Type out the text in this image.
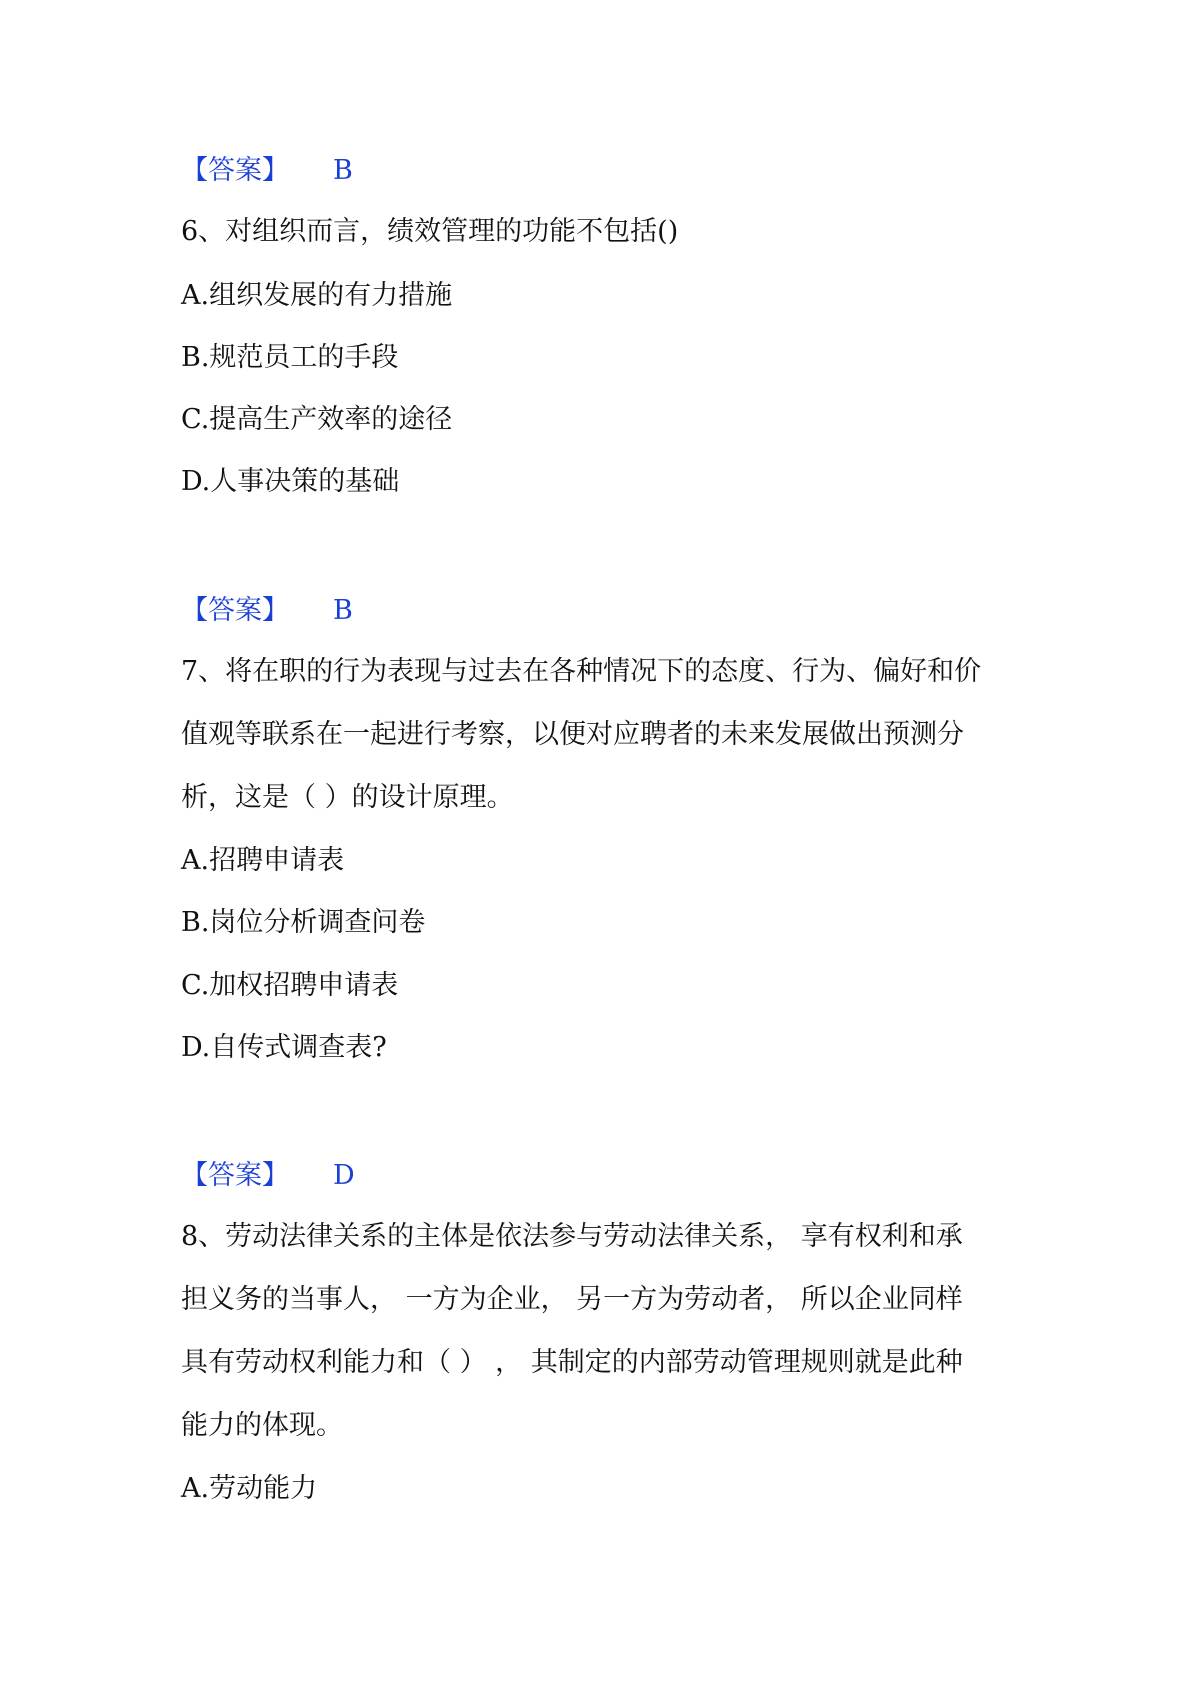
【答案】 B
6、对组织而言，绩效管理的功能不包括()
A.组织发展的有力措施
B.规范员工的手段
C.提高生产效率的途径
D.人事决策的基础
【答案】 B
7、将在职的行为表现与过去在各种情况下的态度、行为、偏好和价
值观等联系在一起进行考察，以便对应聘者的未来发展做出预测分
析，这是（ ）的设计原理。
A.招聘申请表
B.岗位分析调查问卷
C.加权招聘申请表
D.自传式调查表?
【答案】 D
8、劳动法律关系的主体是依法参与劳动法律关系， 享有权利和承
担义务的当事人， 一方为企业， 另一方为劳动者， 所以企业同样
具有劳动权利能力和（ ） ， 其制定的内部劳动管理规则就是此种
能力的体现。
A.劳动能力
